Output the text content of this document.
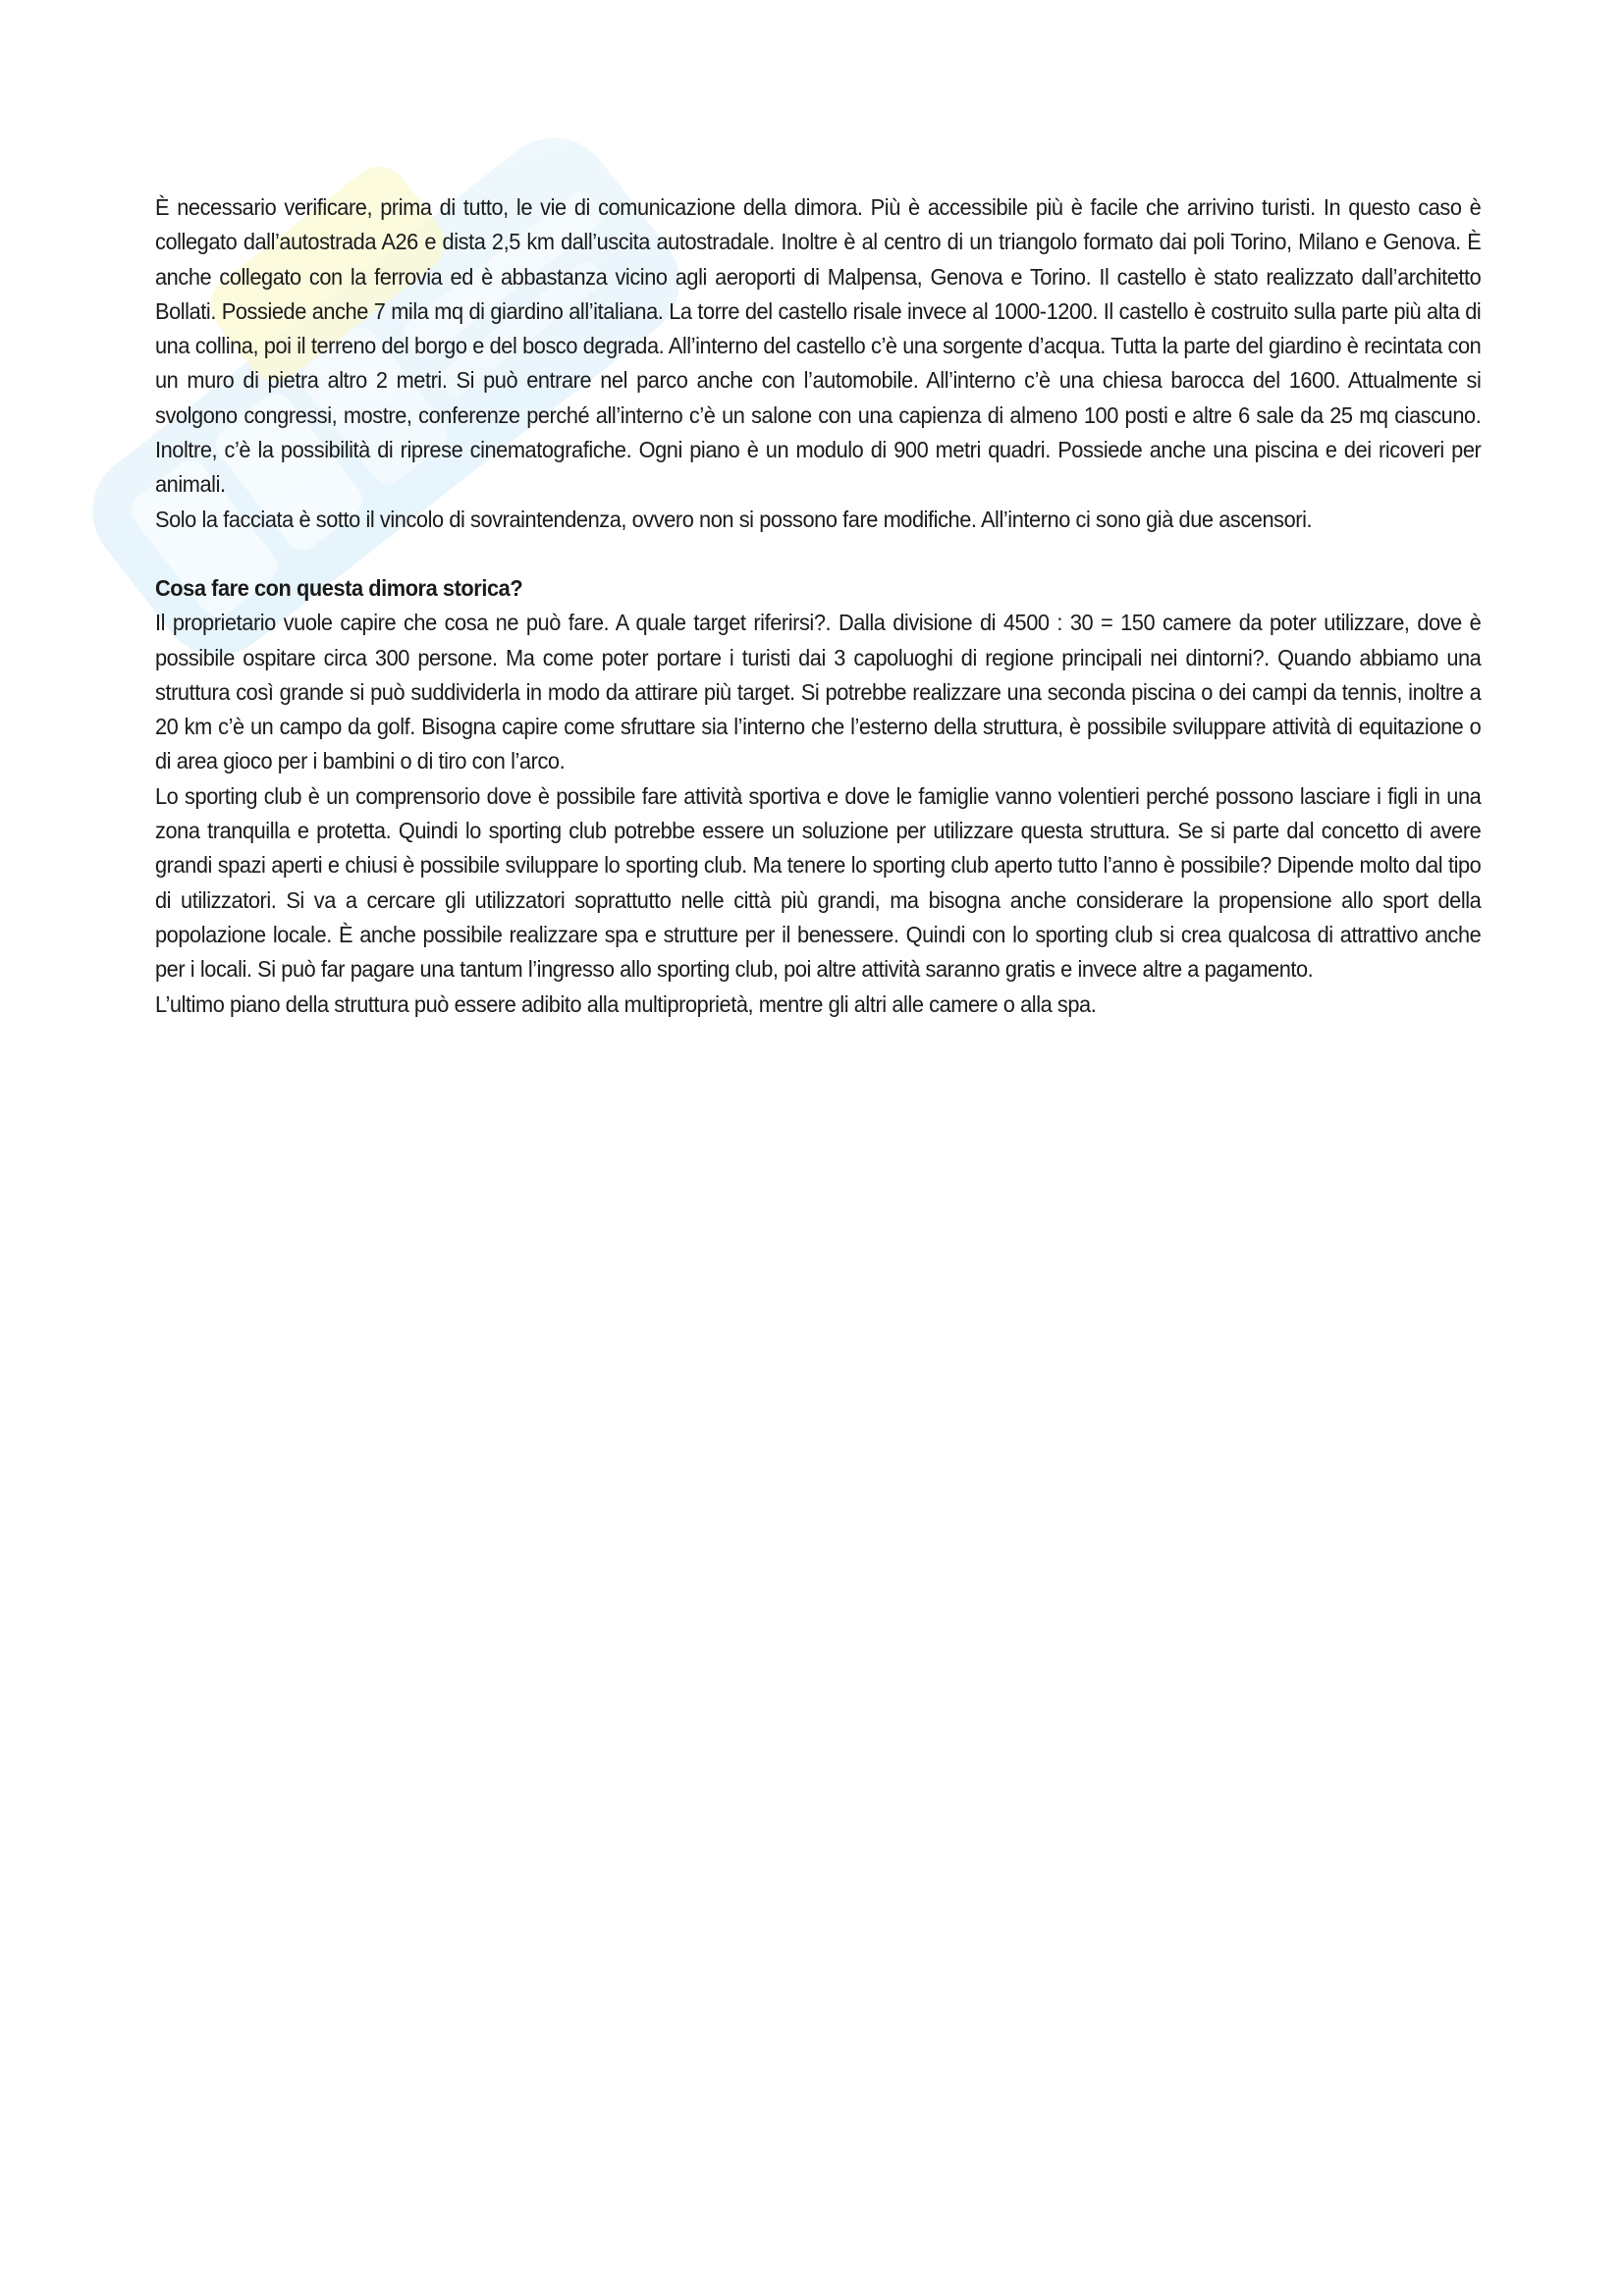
È necessario verificare, prima di tutto, le vie di comunicazione della dimora. Più è accessibile più è facile che arrivino turisti. In questo caso è collegato dall’autostrada A26 e dista 2,5 km dall’uscita autostradale. Inoltre è al centro di un triangolo formato dai poli Torino, Milano e Genova. È anche collegato con la ferrovia ed è abbastanza vicino agli aeroporti di Malpensa, Genova e Torino. Il castello è stato realizzato dall’architetto Bollati. Possiede anche 7 mila mq di giardino all’italiana. La torre del castello risale invece al 1000-1200. Il castello è costruito sulla parte più alta di una collina, poi il terreno del borgo e del bosco degrada. All’interno del castello c’è una sorgente d’acqua. Tutta la parte del giardino è recintata con un muro di pietra altro 2 metri. Si può entrare nel parco anche con l’automobile. All’interno c’è una chiesa barocca del 1600. Attualmente si svolgono congressi, mostre, conferenze perché all’interno c’è un salone con una capienza di almeno 100 posti e altre 6 sale da 25 mq ciascuno. Inoltre, c’è la possibilità di riprese cinematografiche. Ogni piano è un modulo di 900 metri quadri. Possiede anche una piscina e dei ricoveri per animali.

Solo la facciata è sotto il vincolo di sovraintendenza, ovvero non si possono fare modifiche. All’interno ci sono già due ascensori.

Cosa fare con questa dimora storica?

Il proprietario vuole capire che cosa ne può fare. A quale target riferirsi?. Dalla divisione di 4500 : 30 = 150 camere da poter utilizzare, dove è possibile ospitare circa 300 persone. Ma come poter portare i turisti dai 3 capoluoghi di regione principali nei dintorni?. Quando abbiamo una struttura così grande si può suddividerla in modo da attirare più target. Si potrebbe realizzare una seconda piscina o dei campi da tennis, inoltre a 20 km c’è un campo da golf. Bisogna capire come sfruttare sia l’interno che l’esterno della struttura, è possibile sviluppare attività di equitazione o di area gioco per i bambini o di tiro con l’arco.

Lo sporting club è un comprensorio dove è possibile fare attività sportiva e dove le famiglie vanno volentieri perché possono lasciare i figli in una zona tranquilla e protetta. Quindi lo sporting club potrebbe essere un soluzione per utilizzare questa struttura. Se si parte dal concetto di avere grandi spazi aperti e chiusi è possibile sviluppare lo sporting club. Ma tenere lo sporting club aperto tutto l’anno è possibile? Dipende molto dal tipo di utilizzatori. Si va a cercare gli utilizzatori soprattutto nelle città più grandi, ma bisogna anche considerare la propensione allo sport della popolazione locale. È anche possibile realizzare spa e strutture per il benessere. Quindi con lo sporting club si crea qualcosa di attrattivo anche per i locali. Si può far pagare una tantum l’ingresso allo sporting club, poi altre attività saranno gratis e invece altre a pagamento.

L’ultimo piano della struttura può essere adibito alla multiproprietà, mentre gli altri alle camere o alla spa.
